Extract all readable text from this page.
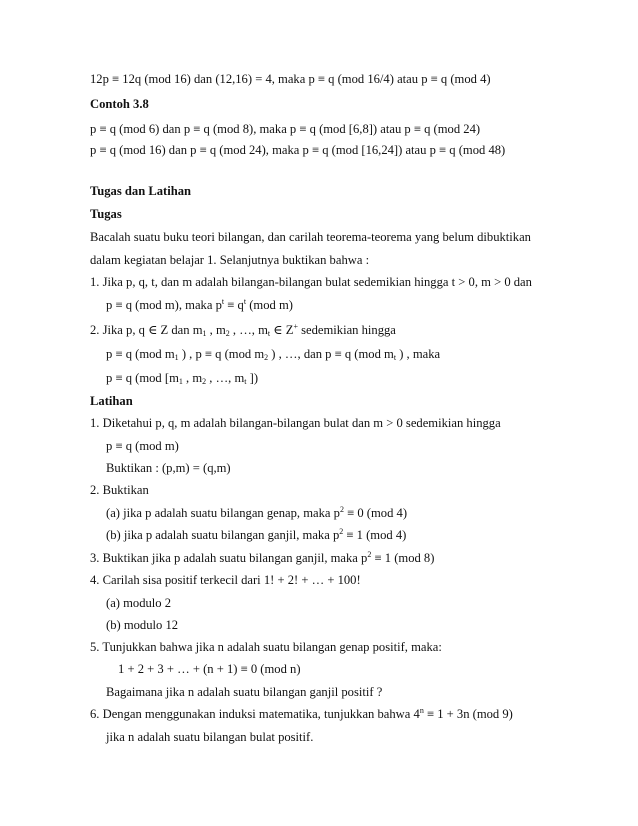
12p ≡ 12q (mod 16) dan (12,16) = 4, maka p ≡ q (mod 16/4) atau p ≡ q (mod 4)
Contoh 3.8
p ≡ q (mod 6) dan p ≡ q (mod 8), maka p ≡ q (mod [6,8]) atau p ≡ q (mod 24)
p ≡ q (mod 16) dan p ≡ q (mod 24), maka p ≡ q (mod [16,24]) atau p ≡ q (mod 48)
Tugas dan Latihan
Tugas
Bacalah suatu buku teori bilangan, dan carilah teorema-teorema yang belum dibuktikan
dalam kegiatan belajar 1. Selanjutnya buktikan bahwa :
1. Jika p, q, t, dan m adalah bilangan-bilangan bulat sedemikian hingga t > 0, m > 0 dan
p ≡ q (mod m), maka $p^t \equiv q^t$ (mod m)
2. Jika p, q ∈ Z dan $m_1$ , $m_2$ , …, $m_t$ ∈ Z+ sedemikian hingga
p ≡ q (mod $m_1$ ) , p ≡ q (mod $m_2$ ) , …, dan p ≡ q (mod $m_t$ ) , maka
p ≡ q (mod [$m_1$ , $m_2$ , …, $m_t$ ])
Latihan
1. Diketahui p, q, m adalah bilangan-bilangan bulat dan m > 0 sedemikian hingga
p ≡ q (mod m)
Buktikan : (p,m) = (q,m)
2. Buktikan
(a) jika p adalah suatu bilangan genap, maka $p^2 \equiv 0$ (mod 4)
(b) jika p adalah suatu bilangan ganjil, maka $p^2 \equiv 1$ (mod 4)
3. Buktikan jika p adalah suatu bilangan ganjil, maka $p^2 \equiv 1$ (mod 8)
4. Carilah sisa positif terkecil dari 1! + 2! + … + 100!
(a) modulo 2
(b) modulo 12
5. Tunjukkan bahwa jika n adalah suatu bilangan genap positif, maka:
1 + 2 + 3 + … + (n + 1) ≡ 0 (mod n)
Bagaimana jika n adalah suatu bilangan ganjil positif ?
6. Dengan menggunakan induksi matematika, tunjukkan bahwa $4^n \equiv 1 + 3n$ (mod 9)
jika n adalah suatu bilangan bulat positif.
